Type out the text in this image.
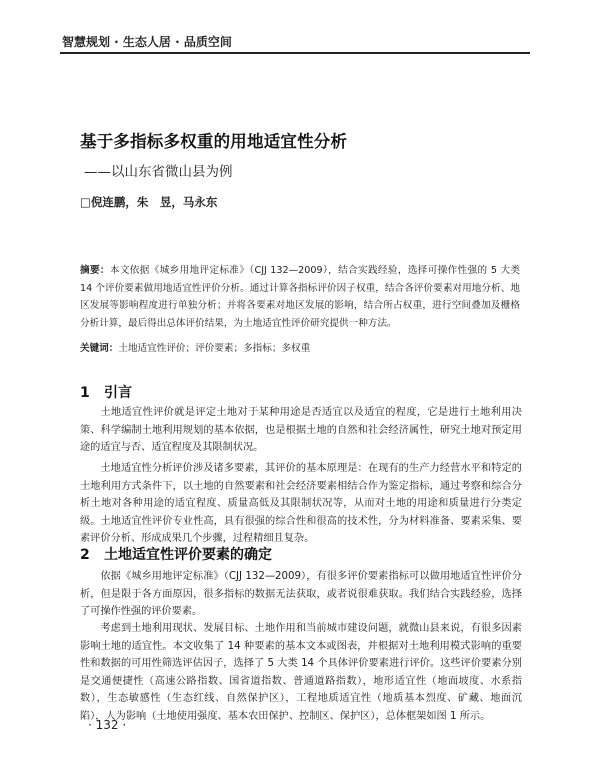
智慧规划 · 生态人居 · 品质空间
基于多指标多权重的用地适宜性分析
——以山东省微山县为例
□倪连鹏，朱　昱，马永东
摘要：本文依据《城乡用地评定标准》（CJJ 132—2009），结合实践经验，选择可操作性强的 5 大类 14 个评价要素做用地适宜性评价分析。通过计算各指标评价因子权重，结合各评价要素对用地分析、地区发展等影响程度进行单独分析；并将各要素对地区发展的影响，结合所占权重，进行空间叠加及栅格分析计算，最后得出总体评价结果，为土地适宜性评价研究提供一种方法。
关键词：土地适宜性评价；评价要素；多指标；多权重
1 引言
土地适宜性评价就是评定土地对于某种用途是否适宜以及适宜的程度，它是进行土地利用决策、科学编制土地利用规划的基本依据，也是根据土地的自然和社会经济属性，研究土地对预定用途的适宜与否、适宜程度及其限制状况。
土地适宜性分析评价涉及诸多要素，其评价的基本原理是：在现有的生产力经营水平和特定的土地利用方式条件下，以土地的自然要素和社会经济要素相结合作为鉴定指标，通过考察和综合分析土地对各种用途的适宜程度、质量高低及其限制状况等，从而对土地的用途和质量进行分类定级。土地适宜性评价专业性高，具有很强的综合性和很高的技术性，分为材料准备、要素采集、要素评价分析、形成成果几个步骤，过程精细且复杂。
2 土地适宜性评价要素的确定
依据《城乡用地评定标准》（CJJ 132—2009），有很多评价要素指标可以做用地适宜性评价分析，但是限于各方面原因，很多指标的数据无法获取，或者说很难获取。我们结合实践经验，选择了可操作性强的评价要素。
考虑到土地利用现状、发展目标、土地作用和当前城市建设问题，就微山县来说，有很多因素影响土地的适宜性。本文收集了 14 种要素的基本文本或图表，并根据对土地利用模式影响的重要性和数据的可用性筛选评估因子，选择了 5 大类 14 个具体评价要素进行评价。这些评价要素分别是交通便捷性（高速公路指数、国省道指数、普通道路指数），地形适宜性（地面坡度、水系指数），生态敏感性（生态红线、自然保护区），工程地质适宜性（地质基本烈度、矿藏、地面沉陷），人为影响（土地使用强度、基本农田保护、控制区、保护区），总体框架如图 1 所示。
· 132 ·
